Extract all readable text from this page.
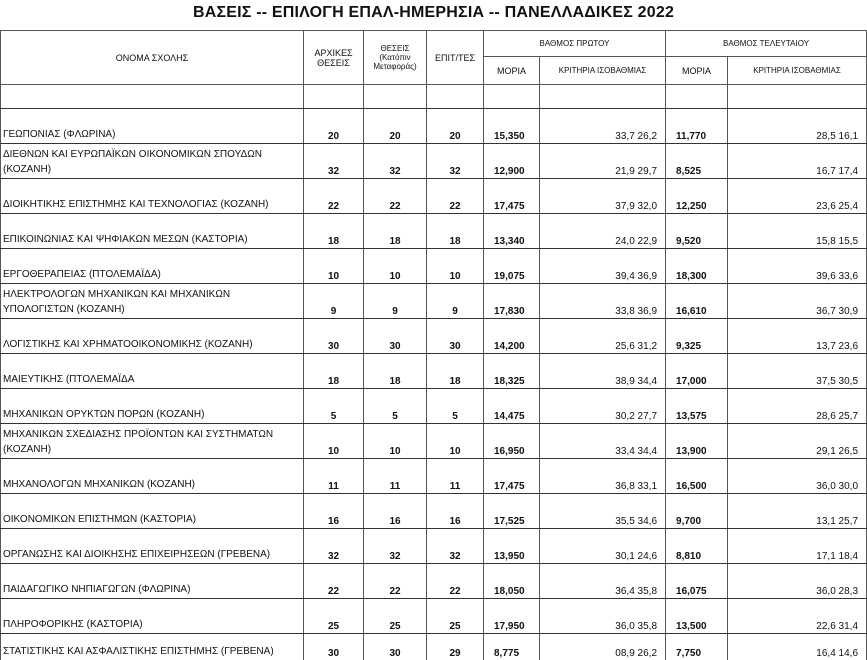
ΒΑΣΕΙΣ -- ΕΠΙΛΟΓΗ ΕΠΑΛ-ΗΜΕΡΗΣΙΑ -- ΠΑΝΕΛΛΑΔΙΚΕΣ 2022
ΟΝΟΜΑ ΣΧΟΛΗΣ	ΑΡΧΙΚΕΣ ΘΕΣΕΙΣ	ΘΕΣΕΙΣ (Κατόπιν Μεταφοράς)	ΕΠΙΤ/ΤΕΣ	ΒΑΘΜΟΣ ΠΡΩΤΟΥ		ΒΑΘΜΟΣ ΤΕΛΕΥΤΑΙΟΥ	
				ΜΟΡΙΑ	ΚΡΙΤΗΡΙΑ ΙΣΟΒΑΘΜΙΑΣ	ΜΟΡΙΑ	ΚΡΙΤΗΡΙΑ ΙΣΟΒΑΘΜΙΑΣ

ΓΕΩΠΟΝΙΑΣ (ΦΛΩΡΙΝΑ)	20	20	20	15,350	33,7 26,2	11,770	28,5 16,1

ΔΙΕΘΝΩΝ ΚΑΙ ΕΥΡΩΠΑΪΚΩΝ ΟΙΚΟΝΟΜΙΚΩΝ ΣΠΟΥΔΩΝ
(ΚΟΖΑΝΗ)	32	32	32	12,900	21,9 29,7	8,525	16,7 17,4

ΔΙΟΙΚΗΤΙΚΗΣ ΕΠΙΣΤΗΜΗΣ ΚΑΙ ΤΕΧΝΟΛΟΓΙΑΣ (ΚΟΖΑΝΗ)	22	22	22	17,475	37,9 32,0	12,250	23,6 25,4

ΕΠΙΚΟΙΝΩΝΙΑΣ ΚΑΙ ΨΗΦΙΑΚΩΝ ΜΕΣΩΝ (ΚΑΣΤΟΡΙΑ)	18	18	18	13,340	24,0 22,9	9,520	15,8 15,5

ΕΡΓΟΘΕΡΑΠΕΙΑΣ (ΠΤΟΛΕΜΑΪΔΑ)	10	10	10	19,075	39,4 36,9	18,300	39,6 33,6

ΗΛΕΚΤΡΟΛΟΓΩΝ ΜΗΧΑΝΙΚΩΝ ΚΑΙ ΜΗΧΑΝΙΚΩΝ
ΥΠΟΛΟΓΙΣΤΩΝ (ΚΟΖΑΝΗ)	9	9	9	17,830	33,8 36,9	16,610	36,7 30,9

ΛΟΓΙΣΤΙΚΗΣ ΚΑΙ ΧΡΗΜΑΤΟΟΙΚΟΝΟΜΙΚΗΣ (ΚΟΖΑΝΗ)	30	30	30	14,200	25,6 31,2	9,325	13,7 23,6

ΜΑΙΕΥΤΙΚΗΣ (ΠΤΟΛΕΜΑΪΔΑ	18	18	18	18,325	38,9 34,4	17,000	37,5 30,5

ΜΗΧΑΝΙΚΩΝ ΟΡΥΚΤΩΝ ΠΟΡΩΝ (ΚΟΖΑΝΗ)	5	5	5	14,475	30,2 27,7	13,575	28,6 25,7

ΜΗΧΑΝΙΚΩΝ ΣΧΕΔΙΑΣΗΣ ΠΡΟΪΟΝΤΩΝ ΚΑΙ ΣΥΣΤΗΜΑΤΩΝ
(ΚΟΖΑΝΗ)	10	10	10	16,950	33,4 34,4	13,900	29,1 26,5

ΜΗΧΑΝΟΛΟΓΩΝ ΜΗΧΑΝΙΚΩΝ (ΚΟΖΑΝΗ)	11	11	11	17,475	36,8 33,1	16,500	36,0 30,0

ΟΙΚΟΝΟΜΙΚΩΝ ΕΠΙΣΤΗΜΩΝ (ΚΑΣΤΟΡΙΑ)	16	16	16	17,525	35,5 34,6	9,700	13,1 25,7

ΟΡΓΑΝΩΣΗΣ ΚΑΙ ΔΙΟΙΚΗΣΗΣ ΕΠΙΧΕΙΡΗΣΕΩΝ (ΓΡΕΒΕΝΑ)	32	32	32	13,950	30,1 24,6	8,810	17,1 18,4

ΠΑΙΔΑΓΩΓΙΚΟ ΝΗΠΙΑΓΩΓΩΝ (ΦΛΩΡΙΝΑ)	22	22	22	18,050	36,4 35,8	16,075	36,0 28,3

ΠΛΗΡΟΦΟΡΙΚΗΣ (ΚΑΣΤΟΡΙΑ)	25	25	25	17,950	36,0 35,8	13,500	22,6 31,4

ΣΤΑΤΙΣΤΙΚΗΣ ΚΑΙ ΑΣΦΑΛΙΣΤΙΚΗΣ ΕΠΙΣΤΗΜΗΣ (ΓΡΕΒΕΝΑ)	30	30	29	8,775	08,9 26,2	7,750	16,4 14,6
